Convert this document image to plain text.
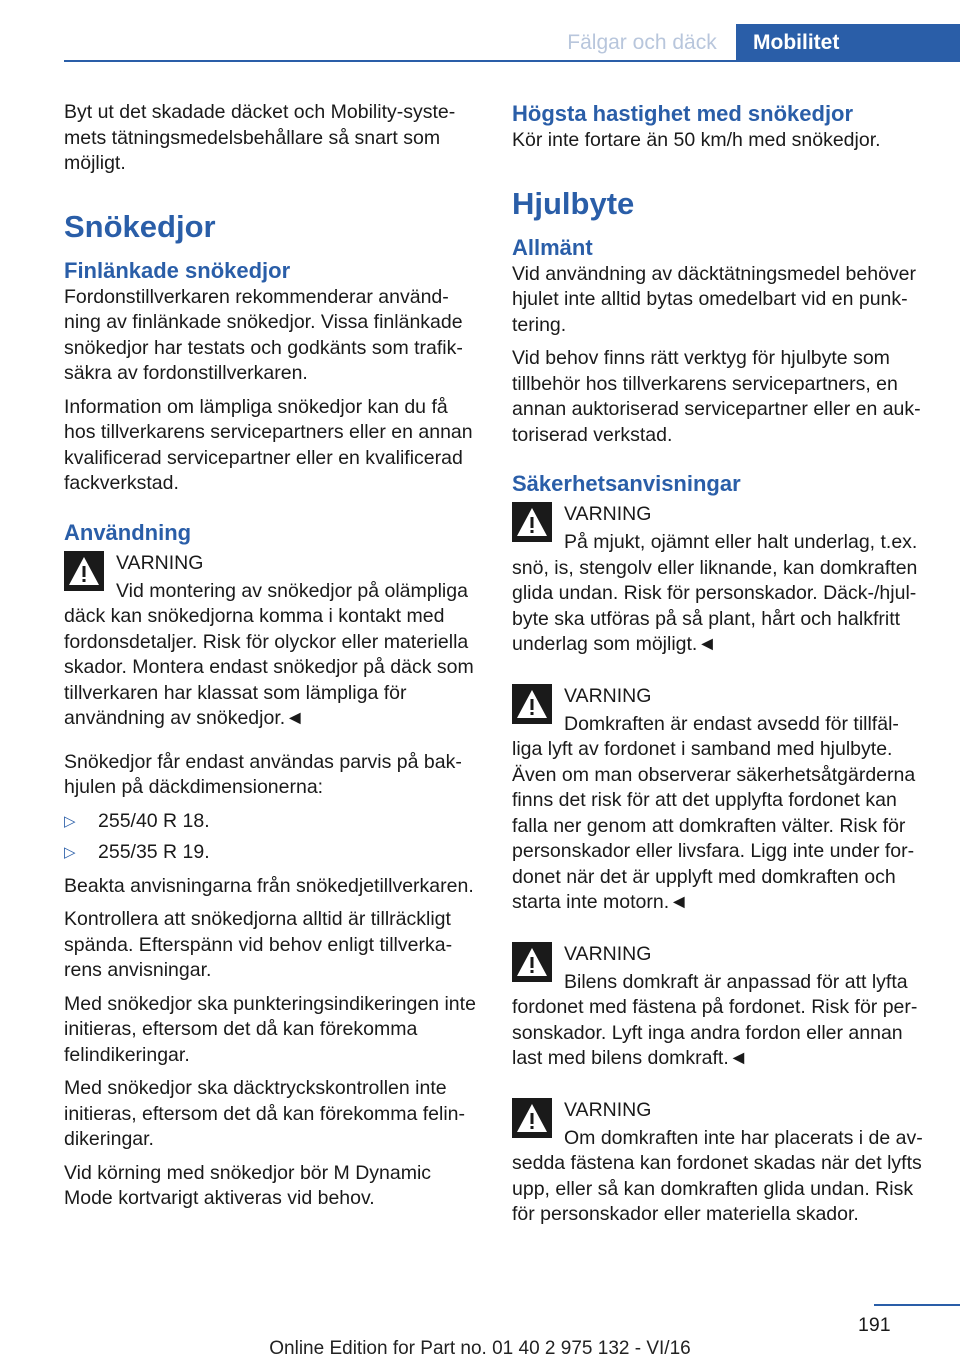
Fälgar och däck	Mobilitet

Byt ut det skadade däcket och Mobility-syste-mets tätningsmedelsbehållare så snart som möjligt.

Snökedjor
Finlänkade snökedjor

Fordonstillverkaren rekommenderar använd-ning av finlänkade snökedjor. Vissa finlänkade snökedjor har testats och godkänts som trafik-säkra av fordonstillverkaren.

Information om lämpliga snökedjor kan du få hos tillverkarens servicepartners eller en annan kvalificerad servicepartner eller en kvalificerad fackverkstad.

Användning
VARNING

Vid montering av snökedjor på olämpliga däck kan snökedjorna komma i kontakt med fordonsdetaljer. Risk för olyckor eller materiella skador. Montera endast snökedjor på däck som tillverkaren har klassat som lämpliga för användning av snökedjor.◄

Snökedjor får endast användas parvis på bak-hjulen på däckdimensionerna:

▷ 255/40 R 18.
▷ 255/35 R 19.

Beakta anvisningarna från snökedjetillverkaren.

Kontrollera att snökedjorna alltid är tillräckligt spända. Efterspänn vid behov enligt tillverka-rens anvisningar.

Med snökedjor ska punkteringsindikeringen inte initieras, eftersom det då kan förekomma felindikeringar.

Med snökedjor ska däcktryckskontrollen inte initieras, eftersom det då kan förekomma felin-dikeringar.

Vid körning med snökedjor bör M Dynamic Mode kortvarigt aktiveras vid behov.

Högsta hastighet med snökedjor

Kör inte fortare än 50 km/h med snökedjor.

Hjulbyte
Allmänt

Vid användning av däcktätningsmedel behöver hjulet inte alltid bytas omedelbart vid en punk-tering.

Vid behov finns rätt verktyg för hjulbyte som tillbehör hos tillverkarens servicepartners, en annan auktoriserad servicepartner eller en auk-toriserad verkstad.

Säkerhetsanvisningar
VARNING

På mjukt, ojämnt eller halt underlag, t.ex. snö, is, stengolv eller liknande, kan domkraften glida undan. Risk för personskador. Däck-/hjul-byte ska utföras på så plant, hårt och halkfritt underlag som möjligt.◄

VARNING

Domkraften är endast avsedd för tillfäl-liga lyft av fordonet i samband med hjulbyte. Även om man observerar säkerhetsåtgärderna finns det risk för att det upplyfta fordonet kan falla ner genom att domkraften välter. Risk för personskador eller livsfara. Ligg inte under for-donet när det är upplyft med domkraften och starta inte motorn.◄

VARNING

Bilens domkraft är anpassad för att lyfta fordonet med fästena på fordonet. Risk för per-sonskador. Lyft inga andra fordon eller annan last med bilens domkraft.◄

VARNING

Om domkraften inte har placerats i de av-sedda fästena kan fordonet skadas när det lyfts upp, eller så kan domkraften glida undan. Risk för personskador eller materiella skador.

191
Online Edition for Part no. 01 40 2 975 132 - VI/16
